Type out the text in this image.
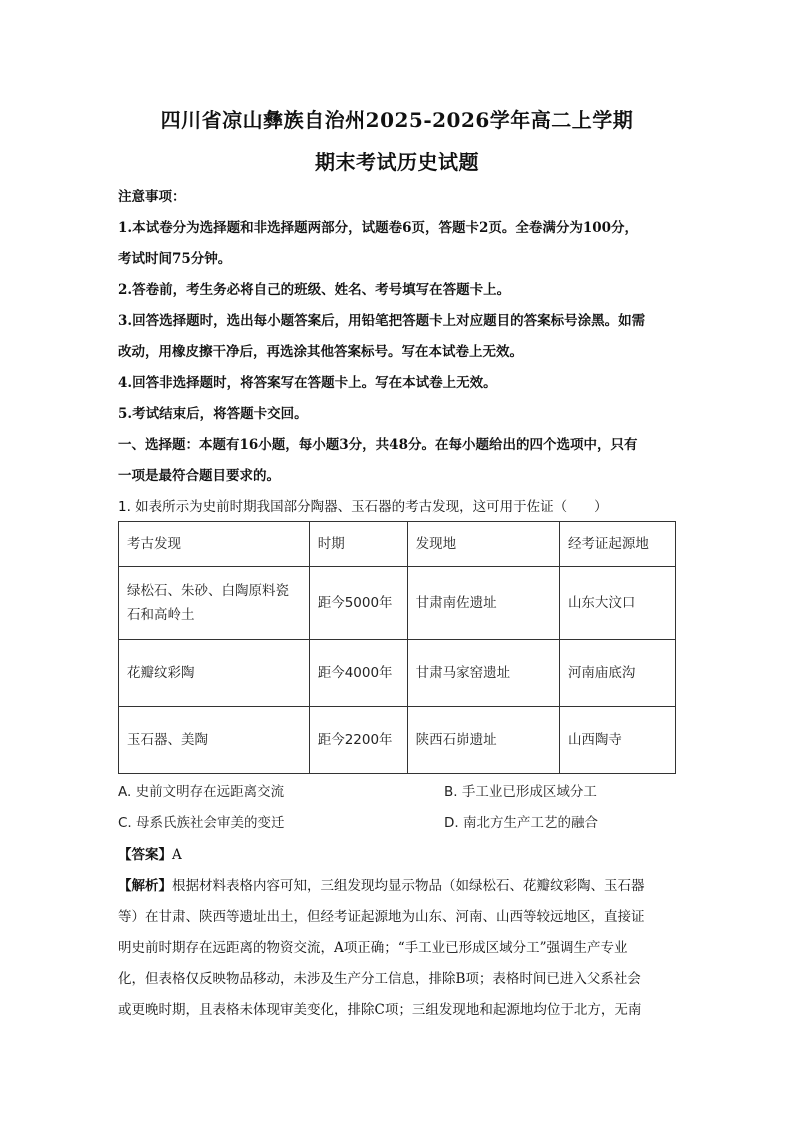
四川省凉山彝族自治州2025-2026学年高二上学期
期末考试历史试题
注意事项：
1.本试卷分为选择题和非选择题两部分，试题卷6页，答题卡2页。全卷满分为100分，
考试时间75分钟。
2.答卷前，考生务必将自己的班级、姓名、考号填写在答题卡上。
3.回答选择题时，选出每小题答案后，用铅笔把答题卡上对应题目的答案标号涂黑。如需
改动，用橡皮擦干净后，再选涂其他答案标号。写在本试卷上无效。
4.回答非选择题时，将答案写在答题卡上。写在本试卷上无效。
5.考试结束后，将答题卡交回。
一、选择题：本题有16小题，每小题3分，共48分。在每小题给出的四个选项中，只有
一项是最符合题目要求的。
1. 如表所示为史前时期我国部分陶器、玉石器的考古发现，这可用于佐证（　　）
考古发现	时期	发现地	经考证起源地

绿松石、朱砂、白陶原料瓷
石和高岭土	距今5000年	甘肃南佐遗址	山东大汶口
花瓣纹彩陶	距今4000年	甘肃马家窑遗址	河南庙底沟
玉石器、美陶	距今2200年	陕西石峁遗址	山西陶寺
A. 史前文明存在远距离交流	B. 手工业已形成区域分工
C. 母系氏族社会审美的变迁	D. 南北方生产工艺的融合
【答案】A
【解析】根据材料表格内容可知，三组发现均显示物品（如绿松石、花瓣纹彩陶、玉石器
等）在甘肃、陕西等遗址出土，但经考证起源地为山东、河南、山西等较远地区，直接证
明史前时期存在远距离的物资交流，A项正确；“手工业已形成区域分工”强调生产专业
化，但表格仅反映物品移动，未涉及生产分工信息，排除B项；表格时间已进入父系社会
或更晚时期，且表格未体现审美变化，排除C项；三组发现地和起源地均位于北方，无南
